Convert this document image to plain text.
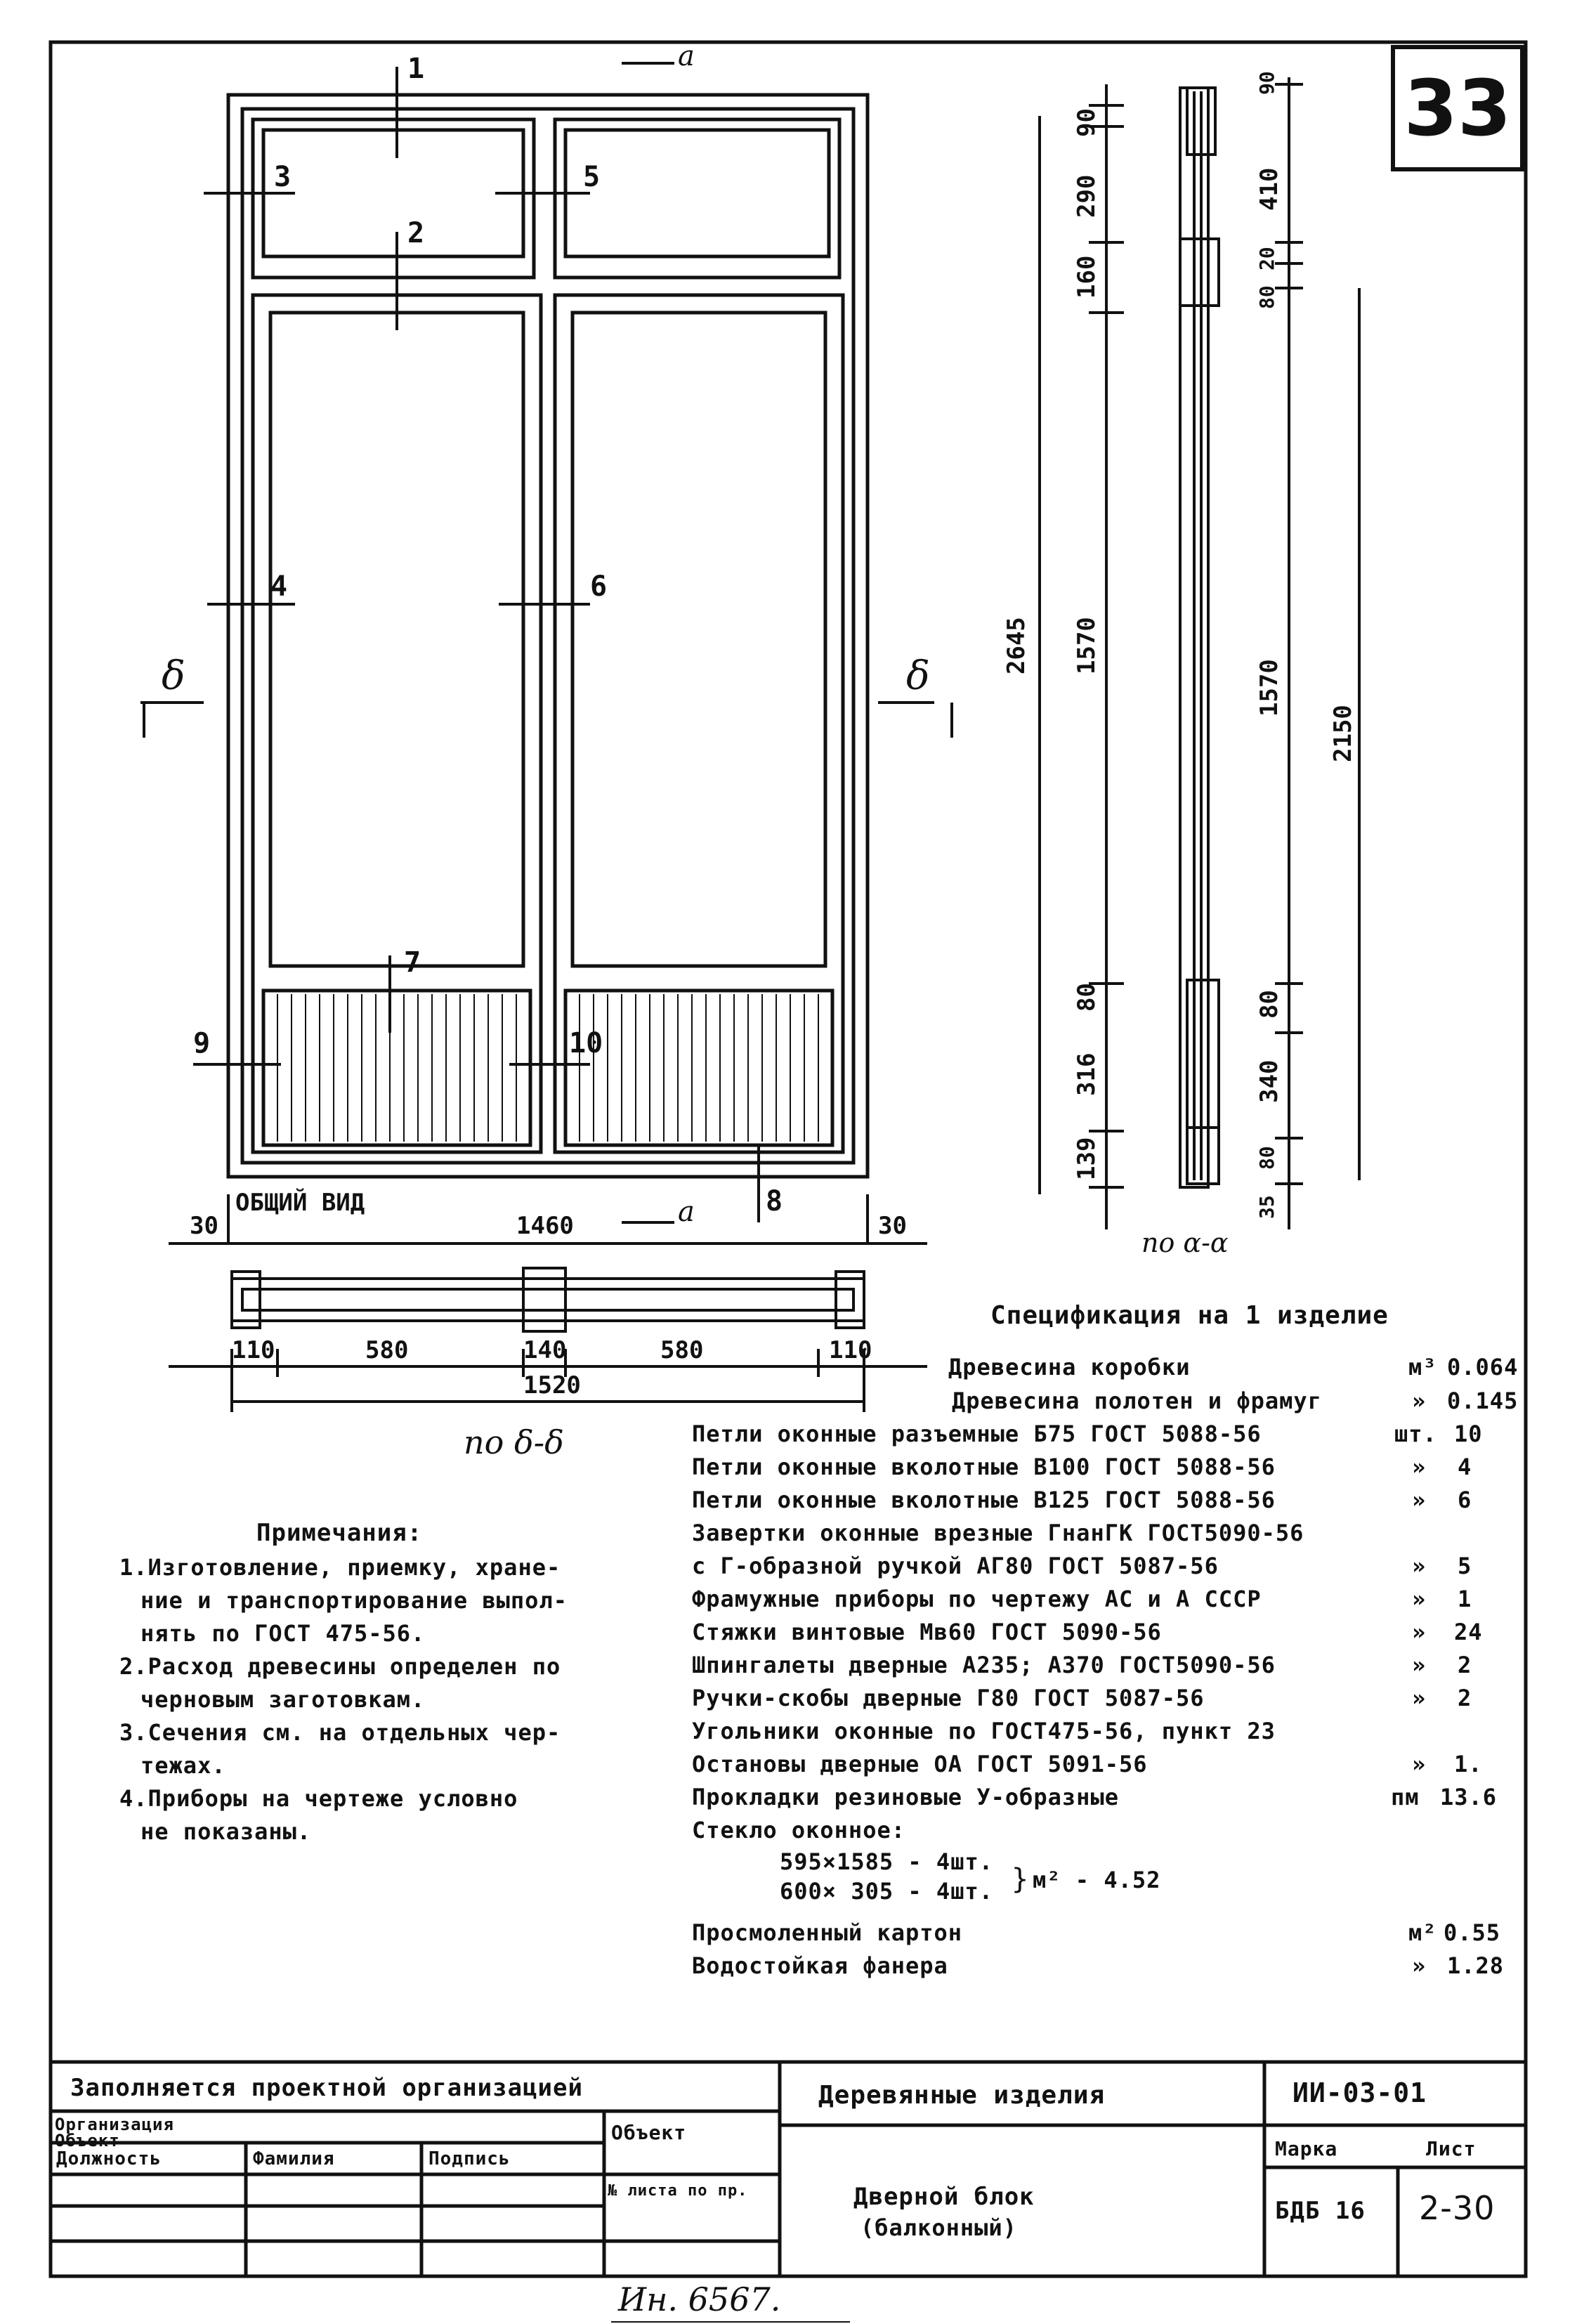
33
1
2
3
4
5
6
7
8
9	10
a
a
δ	δ
ОБЩИЙ ВИД
по α-α
по δ-δ
30	1460	30
110	580	140	580	110
1520
90
290
160
1570
80
316
139
2645
90
410
20
80
1570
80
340
80
35
2150
Спецификация на 1 изделие
Древесина коробки	м³ 0.064
Древесина полотен и фрамуг	» 0.145
Петли оконные разъемные Б75 ГОСТ 5088-56	шт. 10
Петли оконные вколотные В100 ГОСТ 5088-56	» 4
Петли оконные вколотные В125 ГОСТ 5088-56	» 6
Завертки оконные врезные ГнанГК ГОСТ5090-56
с Г-образной ручкой АГ80 ГОСТ 5087-56	» 5
Фрамужные приборы по чертежу АС и А СССР	» 1
Стяжки винтовые Мв60 ГОСТ 5090-56	» 24
Шпингалеты дверные А235; А370 ГОСТ5090-56	» 2
Ручки-скобы дверные Г80 ГОСТ 5087-56	» 2
Угольники оконные по ГОСТ475-56, пункт 23
Остановы дверные ОА ГОСТ 5091-56	» 1.
Прокладки резиновые У-образные	пм 13.6
Стекло оконное:
595×1585 - 4шт.
600× 305 - 4шт. } м² - 4.52
Просмоленный картон	м² 0.55
Водостойкая фанера	» 1.28
Примечания:
1.Изготовление, приемку, хране-
ние и транспортирование выпол-
нять по ГОСТ 475-56.
2.Расход древесины определен по
черновым заготовкам.
3.Сечения см. на отдельных чер-
тежах.
4.Приборы на чертеже условно
не показаны.
Заполняется проектной организацией
Организация
Объект	Объект
Должность	Фамилия	Подпись
№ листа по пр.
Деревянные изделия	ИИ-03-01
Марка	Лист
Дверной блок
(балконный)
БДБ 16 2-30
Ин. 6567.
